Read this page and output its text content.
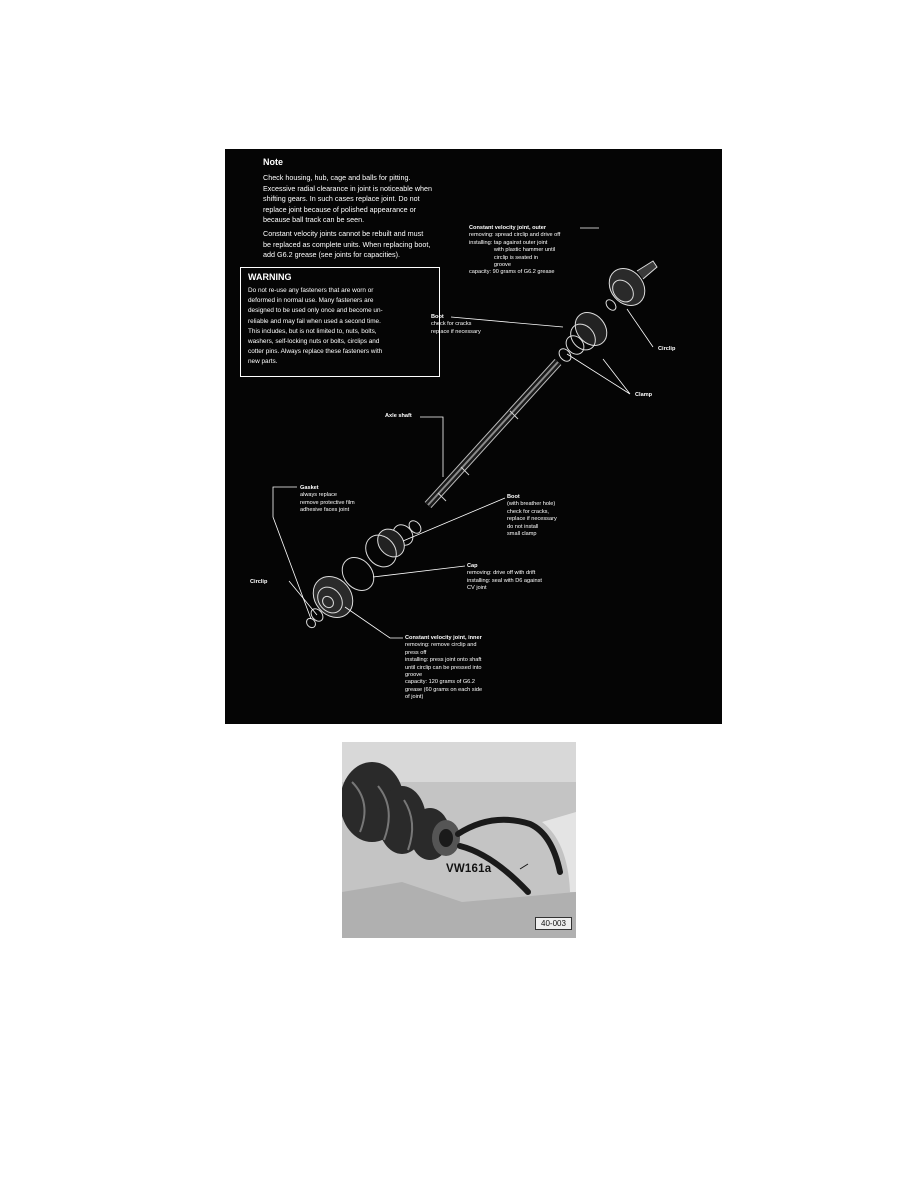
Note
Check housing, hub, cage and balls for pitting.
Excessive radial clearance in joint is noticeable when
shifting gears. In such cases replace joint. Do not
replace joint because of polished appearance or
because ball track can be seen.
Constant velocity joints cannot be rebuilt and must
be replaced as complete units. When replacing boot,
add G6.2 grease (see joints for capacities).
WARNING
Do not re-use any fasteners that are worn or
deformed in normal use. Many fasteners are
designed to be used only once and become un-
reliable and may fail when used a second time.
This includes, but is not limited to, nuts, bolts,
washers, self-locking nuts or bolts, circlips and
cotter pins. Always replace these fasteners with
new parts.
Constant velocity joint, outer
removing: spread circlip and drive off
installing: tap against outer joint
with plastic hammer until
circlip is seated in
groove
capacity: 90 grams of G6.2 grease
Boot
check for cracks
replace if necessary
Circlip
Clamp
Axle shaft
Gasket
always replace
remove protective film
adhesive faces joint
Boot
(with breather hole)
check for cracks,
replace if necessary
do not install
small clamp
Cap
removing: drive off with drift
installing: seal with D6 against
CV joint
Circlip
Constant velocity joint, inner
removing: remove circlip and
press off
installing: press joint onto shaft
until circlip can be pressed into
groove
capacity: 120 grams of G6.2
grease (60 grams on each side
of joint)
VW161a
40-003
